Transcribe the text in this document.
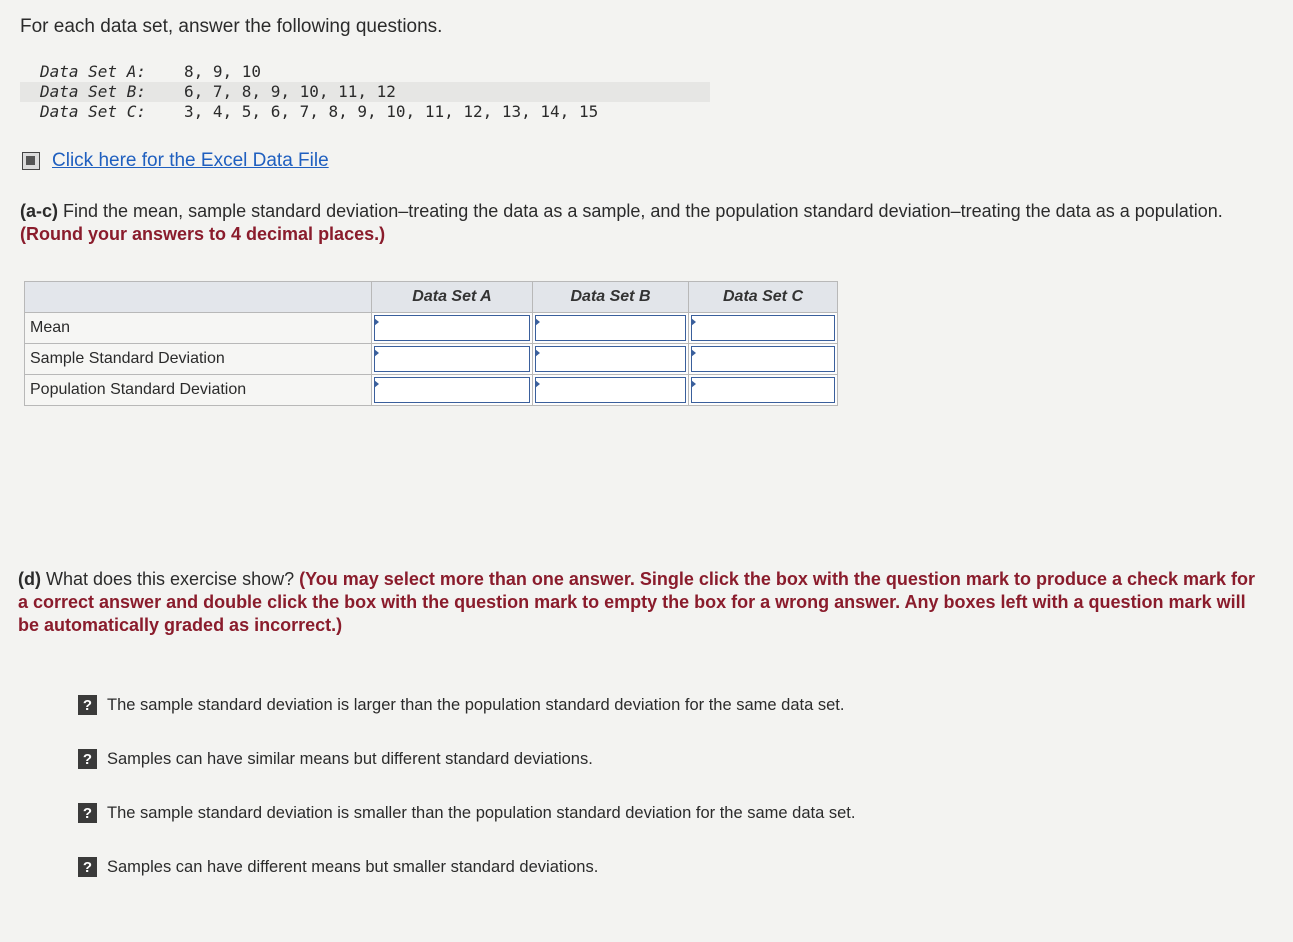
For each data set, answer the following questions.
Data Set A:	8, 9, 10
Data Set B:	6, 7, 8, 9, 10, 11, 12
Data Set C:	3, 4, 5, 6, 7, 8, 9, 10, 11, 12, 13, 14, 15
Click here for the Excel Data File
(a-c) Find the mean, sample standard deviation–treating the data as a sample, and the population standard deviation–treating the data as a population. (Round your answers to 4 decimal places.)
	Data Set A	Data Set B	Data Set C
Mean	

Sample Standard Deviation	

Population Standard Deviation	

(d) What does this exercise show? (You may select more than one answer. Single click the box with the question mark to produce a check mark for a correct answer and double click the box with the question mark to empty the box for a wrong answer. Any boxes left with a question mark will be automatically graded as incorrect.)
? The sample standard deviation is larger than the population standard deviation for the same data set.
? Samples can have similar means but different standard deviations.
? The sample standard deviation is smaller than the population standard deviation for the same data set.
? Samples can have different means but smaller standard deviations.
